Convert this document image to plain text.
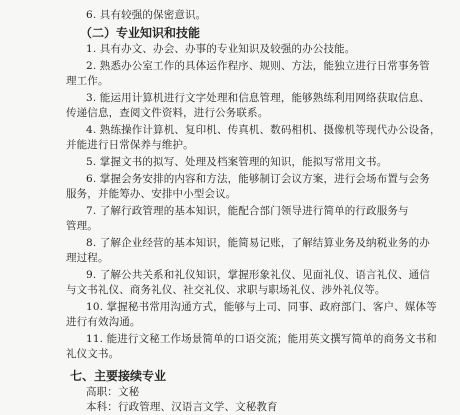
6. 具有较强的保密意识。
（二）专业知识和技能
1. 具有办文、办会、办事的专业知识及较强的办公技能。
2. 熟悉办公室工作的具体运作程序、规则、方法，能独立进行日常事务管
理工作。
3. 能运用计算机进行文字处理和信息管理，能够熟练利用网络获取信息、
传递信息，查阅文件资料，进行公务联系。
4. 熟练操作计算机、复印机、传真机、数码相机、摄像机等现代办公设备，
并能进行日常保养与维护。
5. 掌握文书的拟写、处理及档案管理的知识，能拟写常用文书。
6. 掌握会务安排的内容和方法，能够制订会议方案，进行会场布置与会务
服务，并能筹办、安排中小型会议。
7. 了解行政管理的基本知识，能配合部门领导进行简单的行政服务与
管理。
8. 了解企业经营的基本知识，能简易记账，了解结算业务及纳税业务的办
理过程。
9. 了解公共关系和礼仪知识，掌握形象礼仪、见面礼仪、语言礼仪、通信
与文书礼仪、商务礼仪、社交礼仪、求职与职场礼仪、涉外礼仪等。
10. 掌握秘书常用沟通方式，能够与上司、同事、政府部门、客户、媒体等
进行有效沟通。
11. 能进行文秘工作场景简单的口语交流；能用英文撰写简单的商务文书和
礼仪文书。
七、主要接续专业
高职：文秘
本科：行政管理、汉语言文学、文秘教育
